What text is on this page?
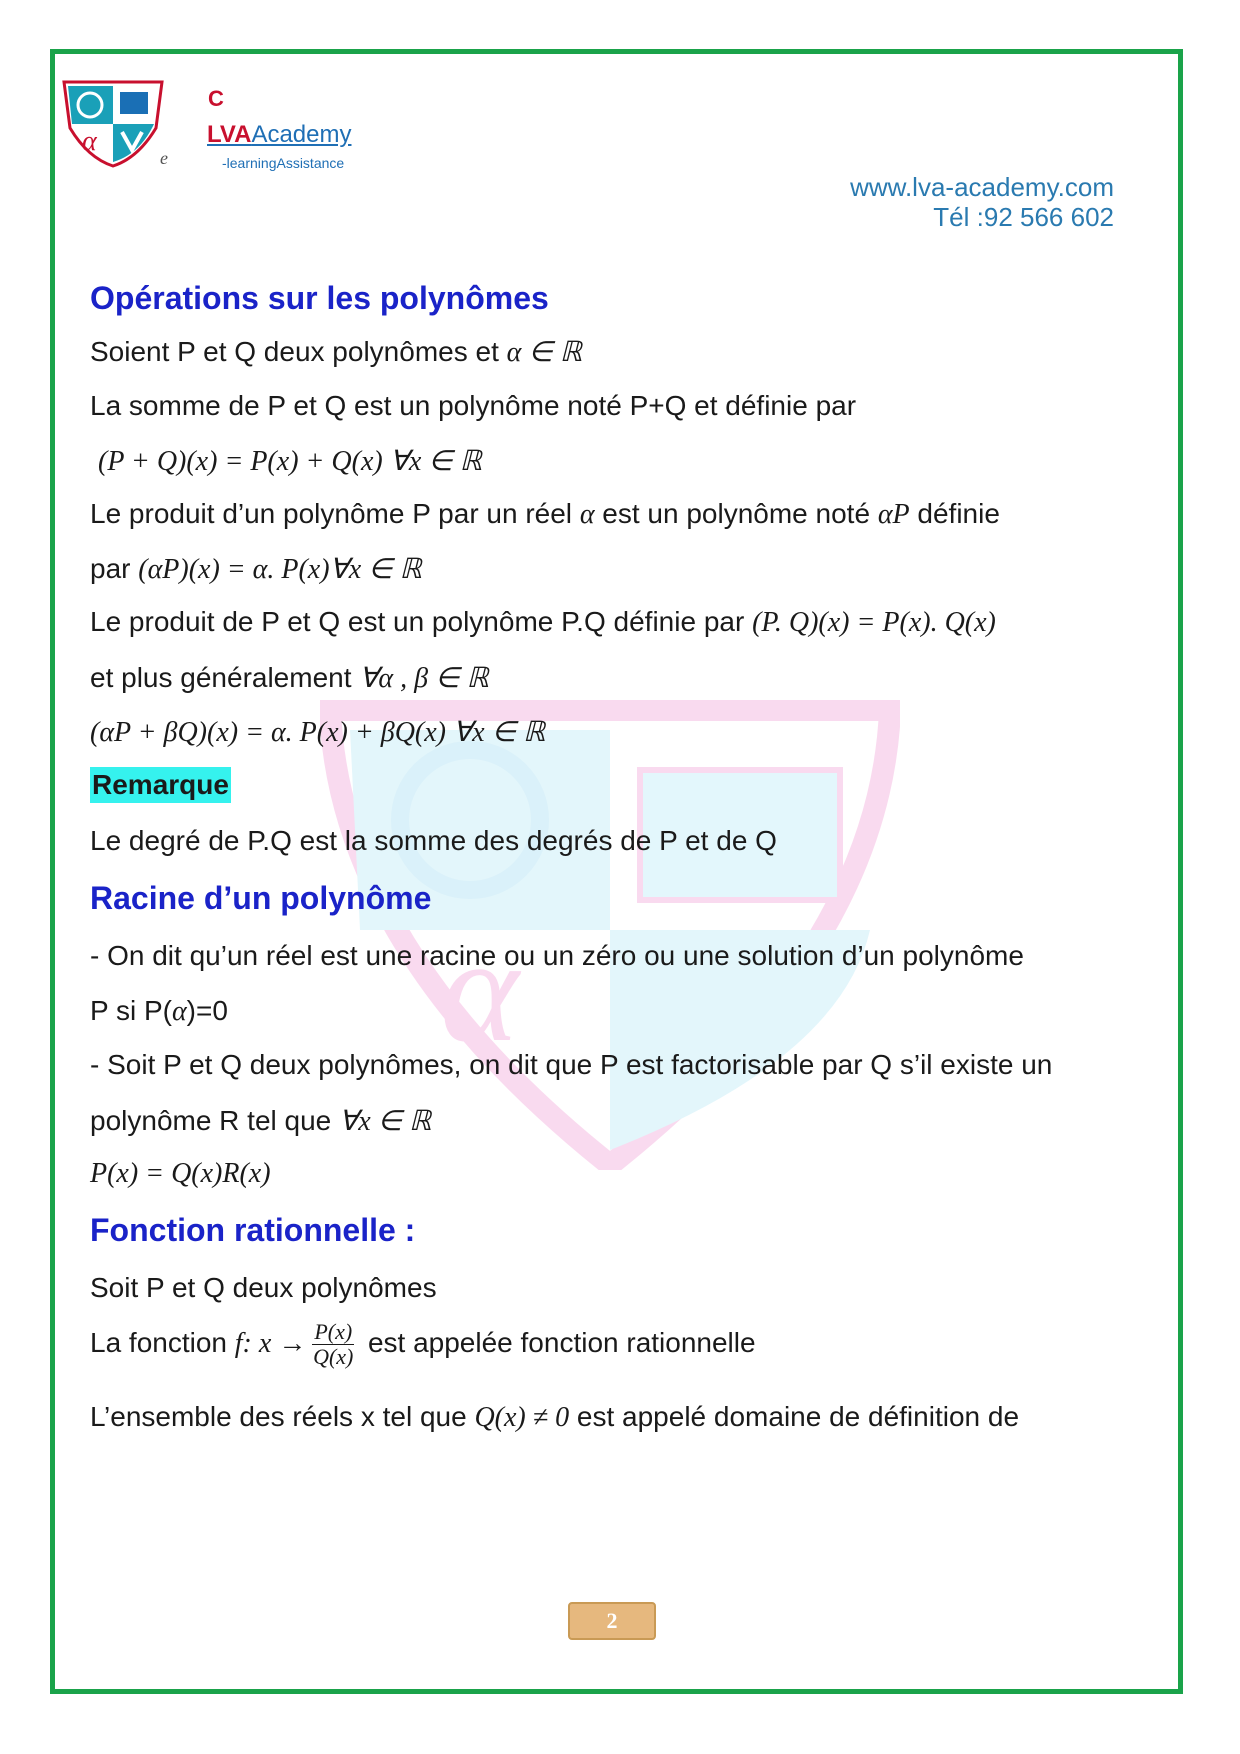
α
C
LVAAcademy
-learningAssistance
e
www.lva-academy.com
Tél :92 566 602
α
Opérations sur les polynômes

Soient P et Q deux polynômes et α ∈ ℝ

La somme de P et Q est un polynôme noté P+Q et définie par

(P + Q)(x) = P(x) + Q(x) ∀x ∈ ℝ

Le produit d’un polynôme P par un réel α est un polynôme noté αP définie

par (αP)(x) = α. P(x)∀x ∈ ℝ

Le produit de P et Q est un polynôme P.Q définie par (P. Q)(x) = P(x). Q(x)

et plus généralement ∀α , β ∈ ℝ

(αP + βQ)(x) = α. P(x) + βQ(x) ∀x ∈ ℝ

Remarque

Le degré de P.Q est la somme des degrés de P et de Q

Racine d’un polynôme

- On dit qu’un réel est une racine ou un zéro ou une solution d’un polynôme

P si P(α)=0

- Soit P et Q deux polynômes, on dit que P est factorisable par Q s’il existe un

polynôme R tel que ∀x ∈ ℝ

P(x) = Q(x)R(x)

Fonction rationnelle :

Soit P et Q deux polynômes

La fonction f: $x \to \frac{P(x)}{Q(x)}$ est appelée fonction rationnelle

L’ensemble des réels x tel que Q(x) ≠ 0 est appelé domaine de définition de

2
